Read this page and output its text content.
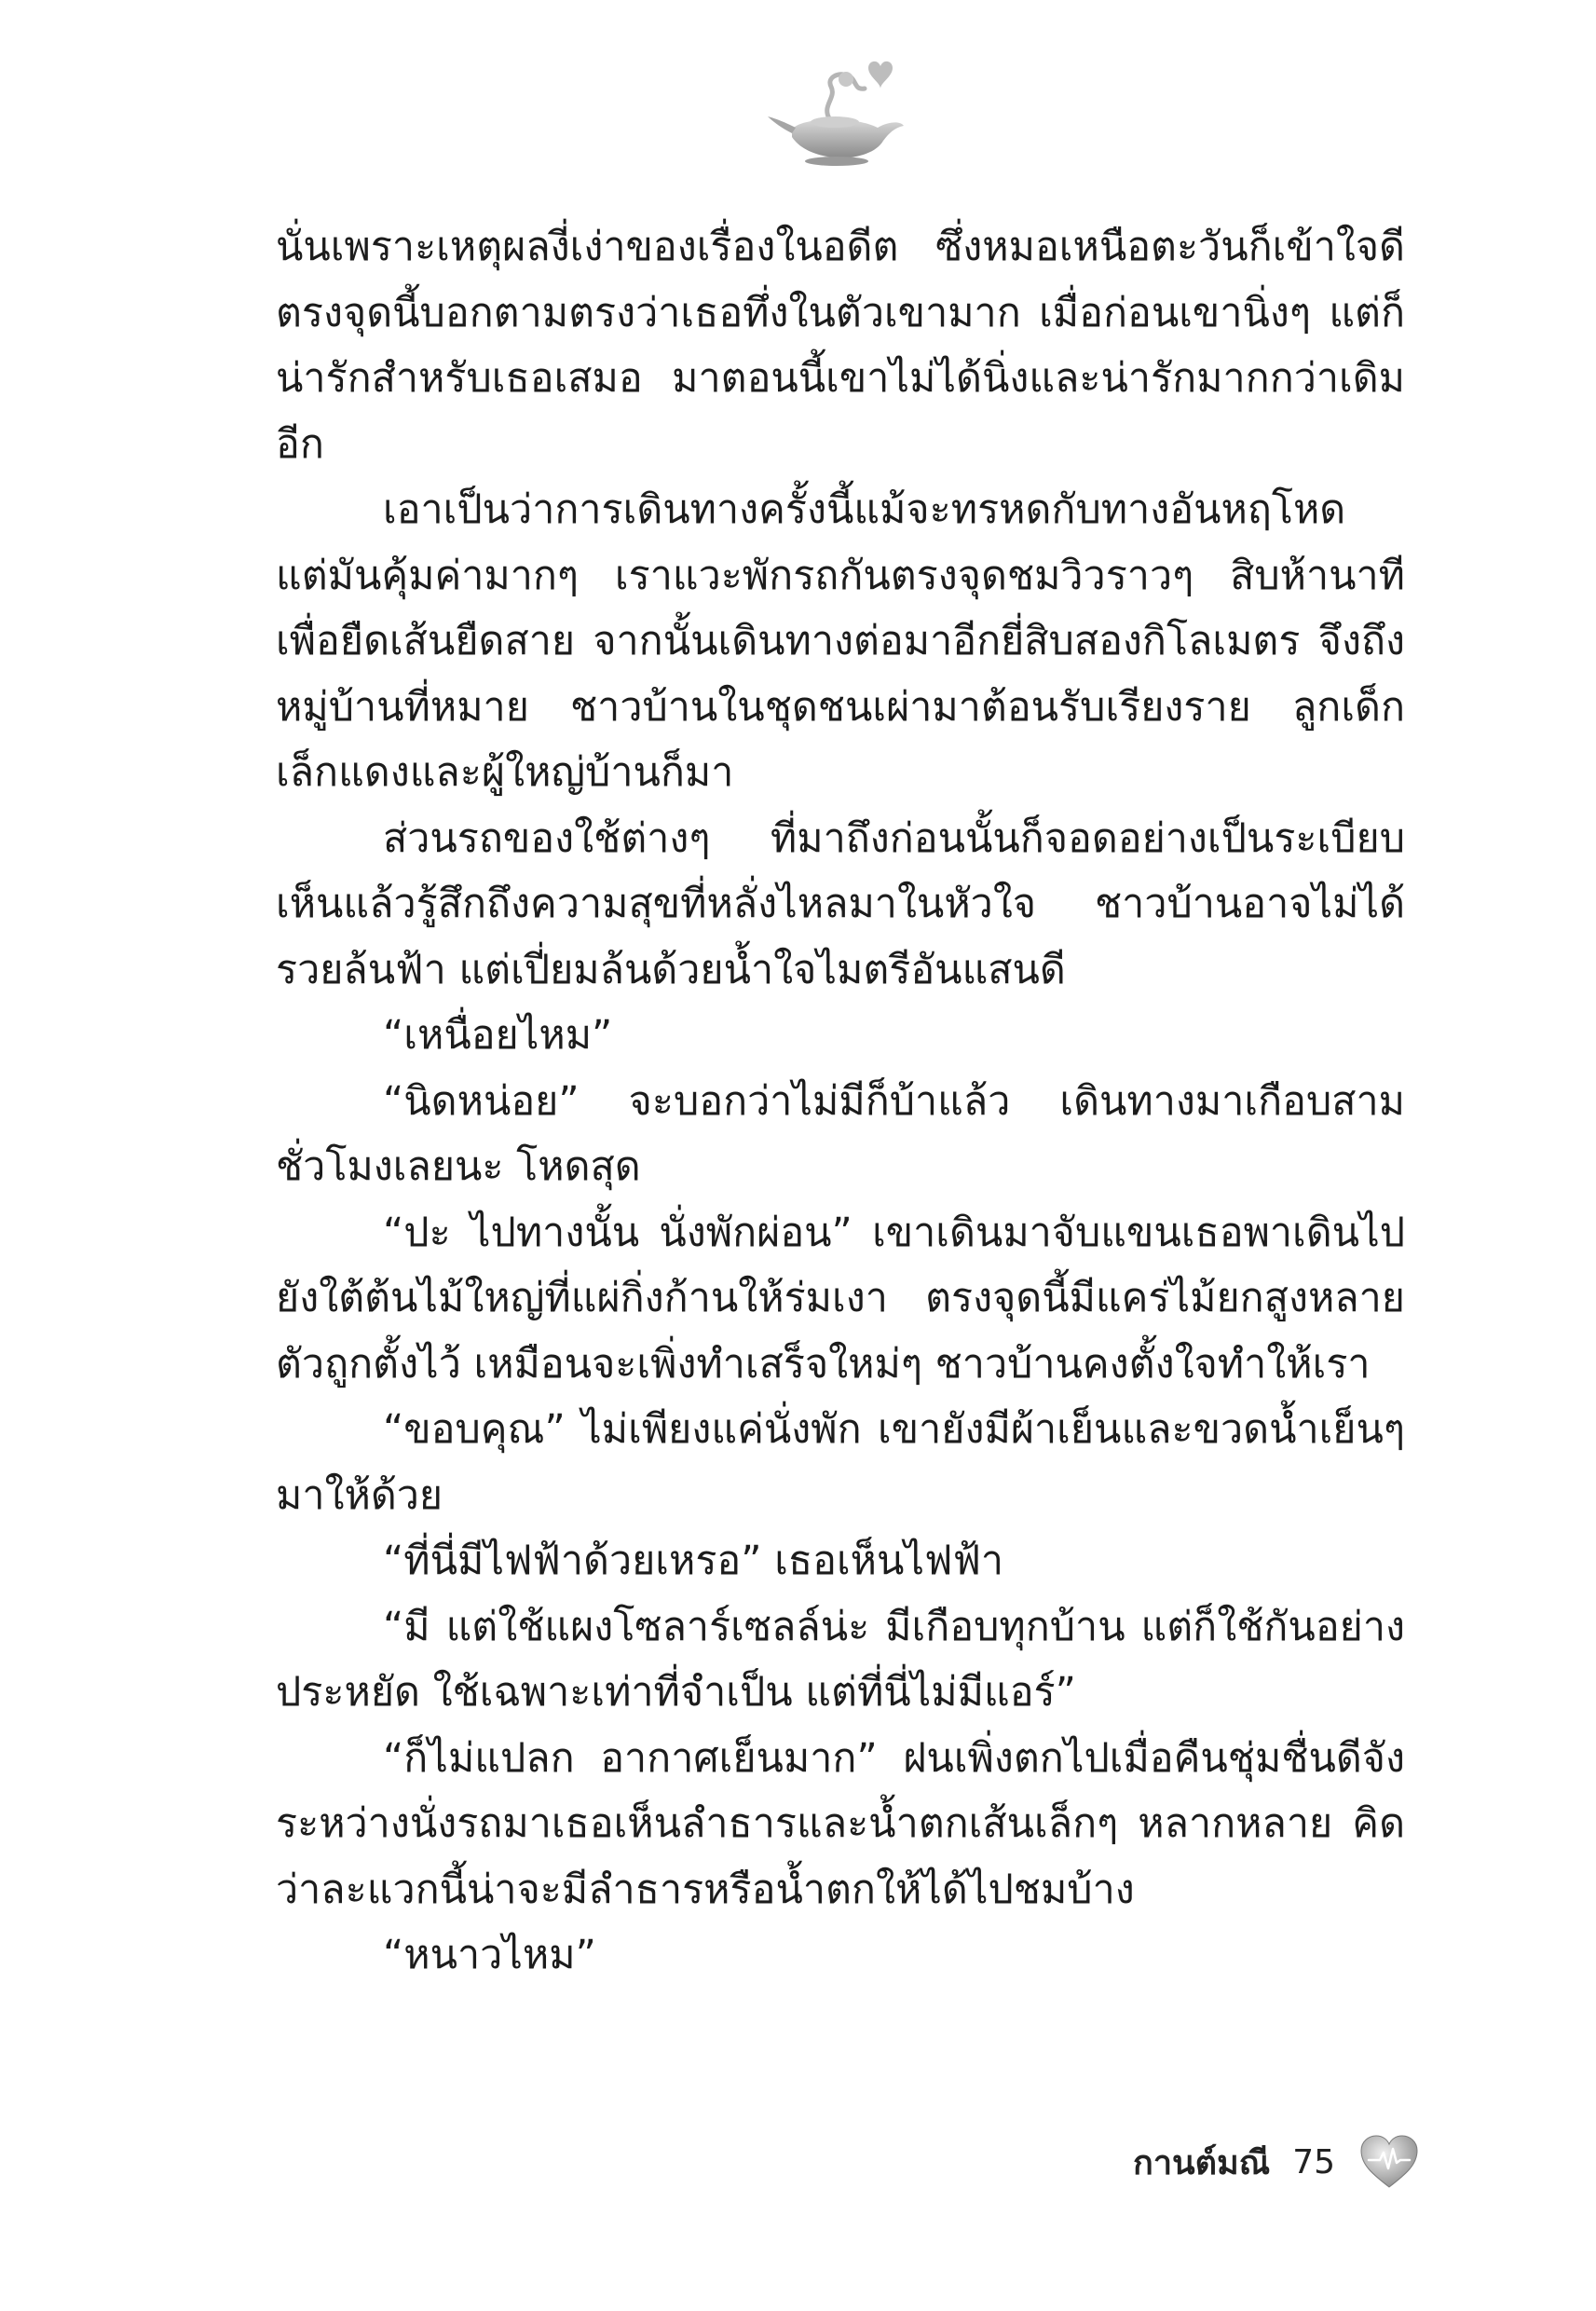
นั่นเพราะเหตุผลงี่เง่าของเรื่องในอดีต ซึ่งหมอเหนือตะวันก็เข้าใจดี ตรงจุดนี้บอกตามตรงว่าเธอทึ่งในตัวเขามาก เมื่อก่อนเขานิ่งๆ แต่ก็น่ารักสำหรับเธอเสมอ มาตอนนี้เขาไม่ได้นิ่งและน่ารักมากกว่าเดิมอีก

เอาเป็นว่าการเดินทางครั้งนี้แม้จะทรหดกับทางอันหฤโหด แต่มันคุ้มค่ามากๆ เราแวะพักรถกันตรงจุดชมวิวราวๆ สิบห้านาทีเพื่อยืดเส้นยืดสาย จากนั้นเดินทางต่อมาอีกยี่สิบสองกิโลเมตร จึงถึงหมู่บ้านที่หมาย ชาวบ้านในชุดชนเผ่ามาต้อนรับเรียงราย ลูกเด็กเล็กแดงและผู้ใหญ่บ้านก็มา

ส่วนรถของใช้ต่างๆ ที่มาถึงก่อนนั้นก็จอดอย่างเป็นระเบียบ เห็นแล้วรู้สึกถึงความสุขที่หลั่งไหลมาในหัวใจ ชาวบ้านอาจไม่ได้รวยล้นฟ้า แต่เปี่ยมล้นด้วยน้ำใจไมตรีอันแสนดี

“เหนื่อยไหม”

“นิดหน่อย” จะบอกว่าไม่มีก็บ้าแล้ว เดินทางมาเกือบสามชั่วโมงเลยนะ โหดสุด

“ปะ ไปทางนั้น นั่งพักผ่อน” เขาเดินมาจับแขนเธอพาเดินไปยังใต้ต้นไม้ใหญ่ที่แผ่กิ่งก้านให้ร่มเงา ตรงจุดนี้มีแคร่ไม้ยกสูงหลายตัวถูกตั้งไว้ เหมือนจะเพิ่งทำเสร็จใหม่ๆ ชาวบ้านคงตั้งใจทำให้เรา

“ขอบคุณ” ไม่เพียงแค่นั่งพัก เขายังมีผ้าเย็นและขวดน้ำเย็นๆมาให้ด้วย

“ที่นี่มีไฟฟ้าด้วยเหรอ” เธอเห็นไฟฟ้า

“มี แต่ใช้แผงโซลาร์เซลล์น่ะ มีเกือบทุกบ้าน แต่ก็ใช้กันอย่างประหยัด ใช้เฉพาะเท่าที่จำเป็น แต่ที่นี่ไม่มีแอร์”

“ก็ไม่แปลก อากาศเย็นมาก” ฝนเพิ่งตกไปเมื่อคืนชุ่มชื่นดีจังระหว่างนั่งรถมาเธอเห็นลำธารและน้ำตกเส้นเล็กๆ หลากหลาย คิดว่าละแวกนี้น่าจะมีลำธารหรือน้ำตกให้ได้ไปชมบ้าง

“หนาวไหม”

กานต์มณี 75
